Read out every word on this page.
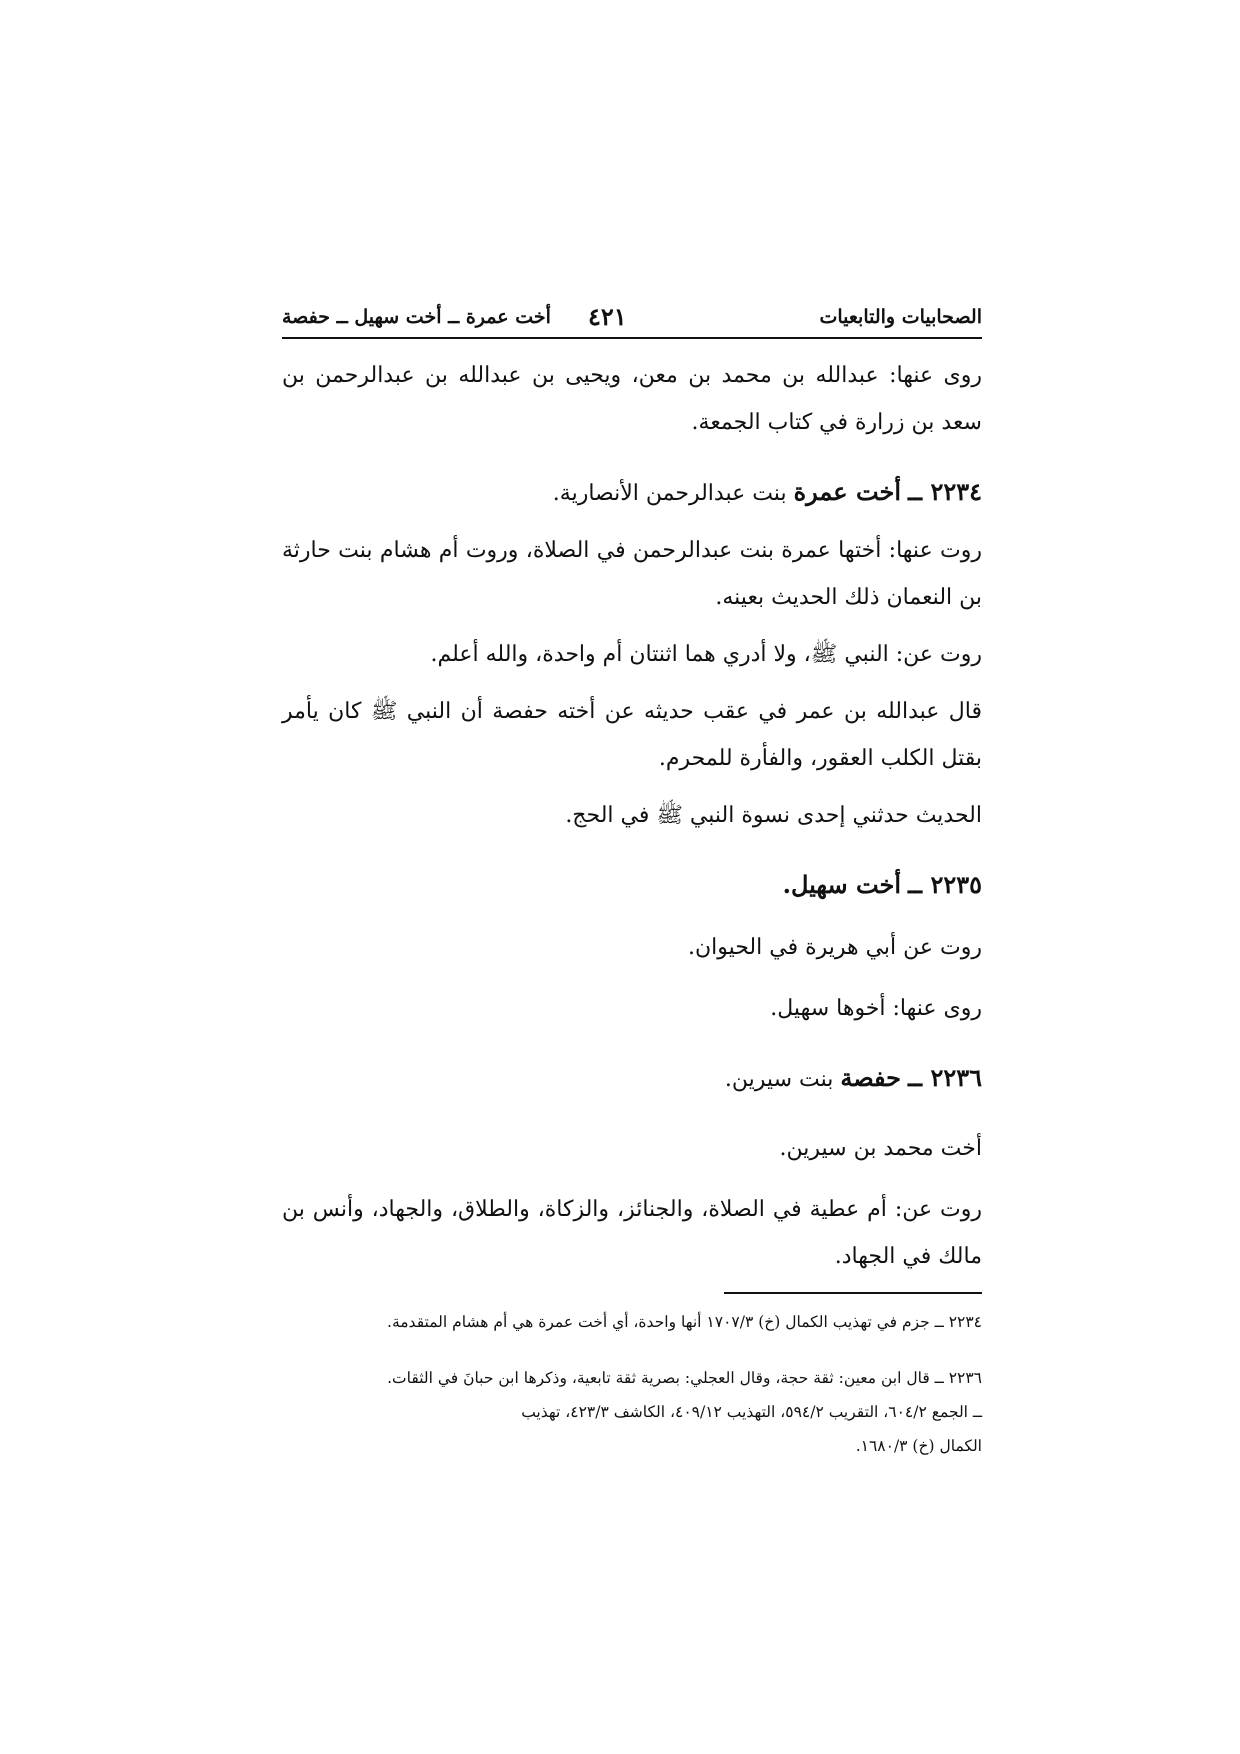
الصحابيات والتابعيات
٤٢١
أخت عمرة ــ أخت سهيل ــ حفصة

روى عنها: عبدالله بن محمد بن معن، ويحيى بن عبدالله بن عبدالرحمن بن سعد بن زرارة في كتاب الجمعة.

٢٢٣٤ ــ أخت عمرة بنت عبدالرحمن الأنصارية.

روت عنها: أختها عمرة بنت عبدالرحمن في الصلاة، وروت أم هشام بنت حارثة بن النعمان ذلك الحديث بعينه.

روت عن: النبي ﷺ، ولا أدري هما اثنتان أم واحدة، والله أعلم.

قال عبدالله بن عمر في عقب حديثه عن أخته حفصة أن النبي ﷺ كان يأمر بقتل الكلب العقور، والفأرة للمحرم.

الحديث حدثني إحدى نسوة النبي ﷺ في الحج.

٢٢٣٥ ــ أخت سهيل.

روت عن أبي هريرة في الحيوان.

روى عنها: أخوها سهيل.

٢٢٣٦ ــ حفصة بنت سيرين.

أخت محمد بن سيرين.

روت عن: أم عطية في الصلاة، والجنائز، والزكاة، والطلاق، والجهاد، وأنس بن مالك في الجهاد.

٢٢٣٤ ــ جزم في تهذيب الكمال (خ) ١٧٠٧/٣ أنها واحدة، أي أخت عمرة هي أم هشام المتقدمة.

٢٢٣٦ ــ قال ابن معين: ثقة حجة، وقال العجلي: بصرية ثقة تابعية، وذكرها ابن حبانَ في الثقات.
ــ الجمع ٦٠٤/٢، التقريب ٥٩٤/٢، التهذيب ٤٠٩/١٢، الكاشف ٤٢٣/٣، تهذيب
الكمال (خ) ١٦٨٠/٣.
